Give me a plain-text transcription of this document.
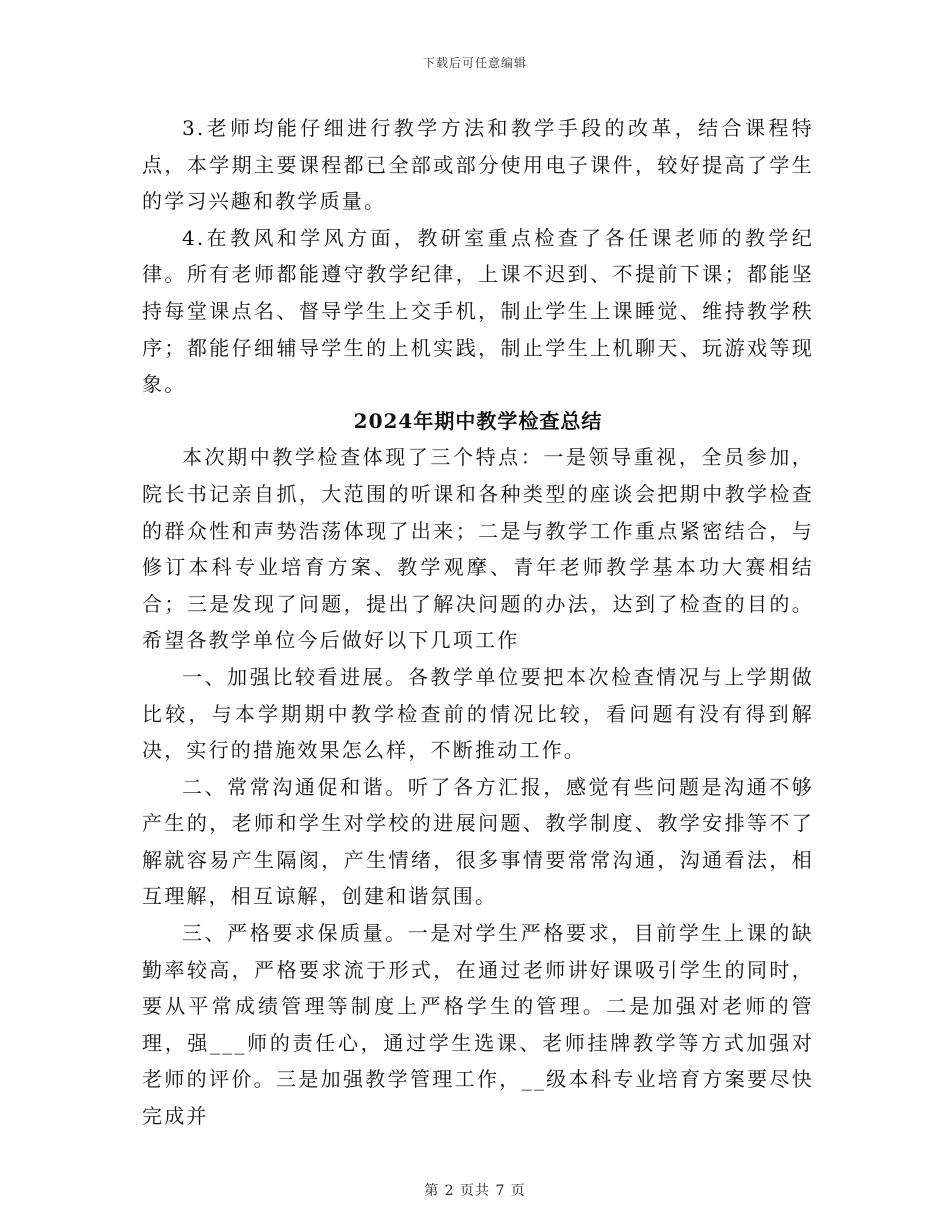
下载后可任意编辑

3.老师均能仔细进行教学方法和教学手段的改革，结合课程特点，本学期主要课程都已全部或部分使用电子课件，较好提高了学生的学习兴趣和教学质量。

4.在教风和学风方面，教研室重点检查了各任课老师的教学纪律。所有老师都能遵守教学纪律，上课不迟到、不提前下课；都能坚持每堂课点名、督导学生上交手机，制止学生上课睡觉、维持教学秩序；都能仔细辅导学生的上机实践，制止学生上机聊天、玩游戏等现象。

2024年期中教学检查总结

本次期中教学检查体现了三个特点：一是领导重视，全员参加，院长书记亲自抓，大范围的听课和各种类型的座谈会把期中教学检查的群众性和声势浩荡体现了出来；二是与教学工作重点紧密结合，与修订本科专业培育方案、教学观摩、青年老师教学基本功大赛相结合；三是发现了问题，提出了解决问题的办法，达到了检查的目的。希望各教学单位今后做好以下几项工作

一、加强比较看进展。各教学单位要把本次检查情况与上学期做比较，与本学期期中教学检查前的情况比较，看问题有没有得到解决，实行的措施效果怎么样，不断推动工作。

二、常常沟通促和谐。听了各方汇报，感觉有些问题是沟通不够产生的，老师和学生对学校的进展问题、教学制度、教学安排等不了解就容易产生隔阂，产生情绪，很多事情要常常沟通，沟通看法，相互理解，相互谅解，创建和谐氛围。

三、严格要求保质量。一是对学生严格要求，目前学生上课的缺勤率较高，严格要求流于形式，在通过老师讲好课吸引学生的同时，要从平常成绩管理等制度上严格学生的管理。二是加强对老师的管理，强___师的责任心，通过学生选课、老师挂牌教学等方式加强对老师的评价。三是加强教学管理工作，__级本科专业培育方案要尽快完成并

第 2 页共 7 页
